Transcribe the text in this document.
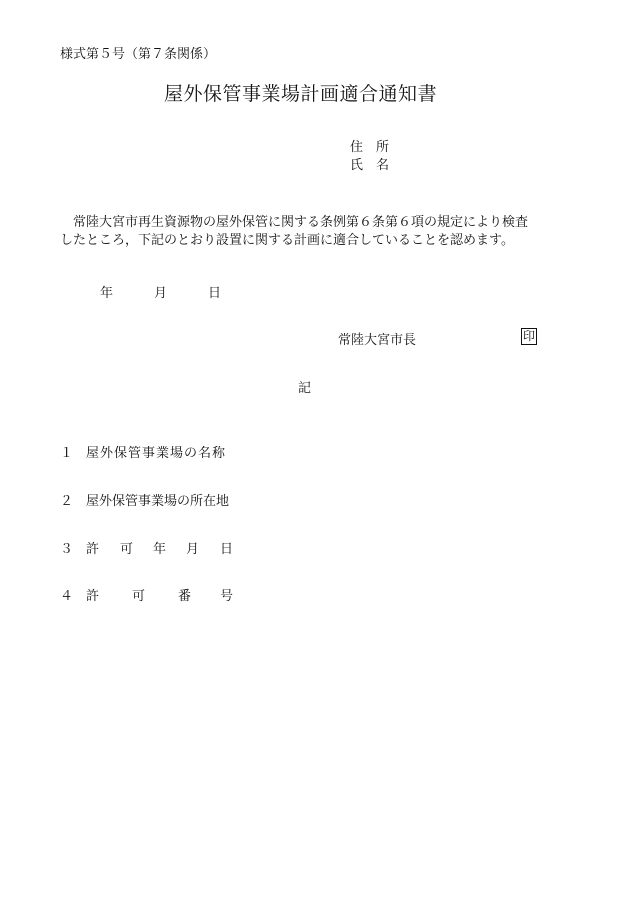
様式第５号（第７条関係）
屋外保管事業場計画適合通知書
住　所
氏　名

　常陸大宮市再生資源物の屋外保管に関する条例第６条第６項の規定により検査

したところ，下記のとおり設置に関する計画に適合していることを認めます。

年	月	日
常陸大宮市長	印
記
１ 屋外保管事業場の名称
２ 屋外保管事業場の所在地
３ 許 可 年 月 日
４ 許	可	番 号
